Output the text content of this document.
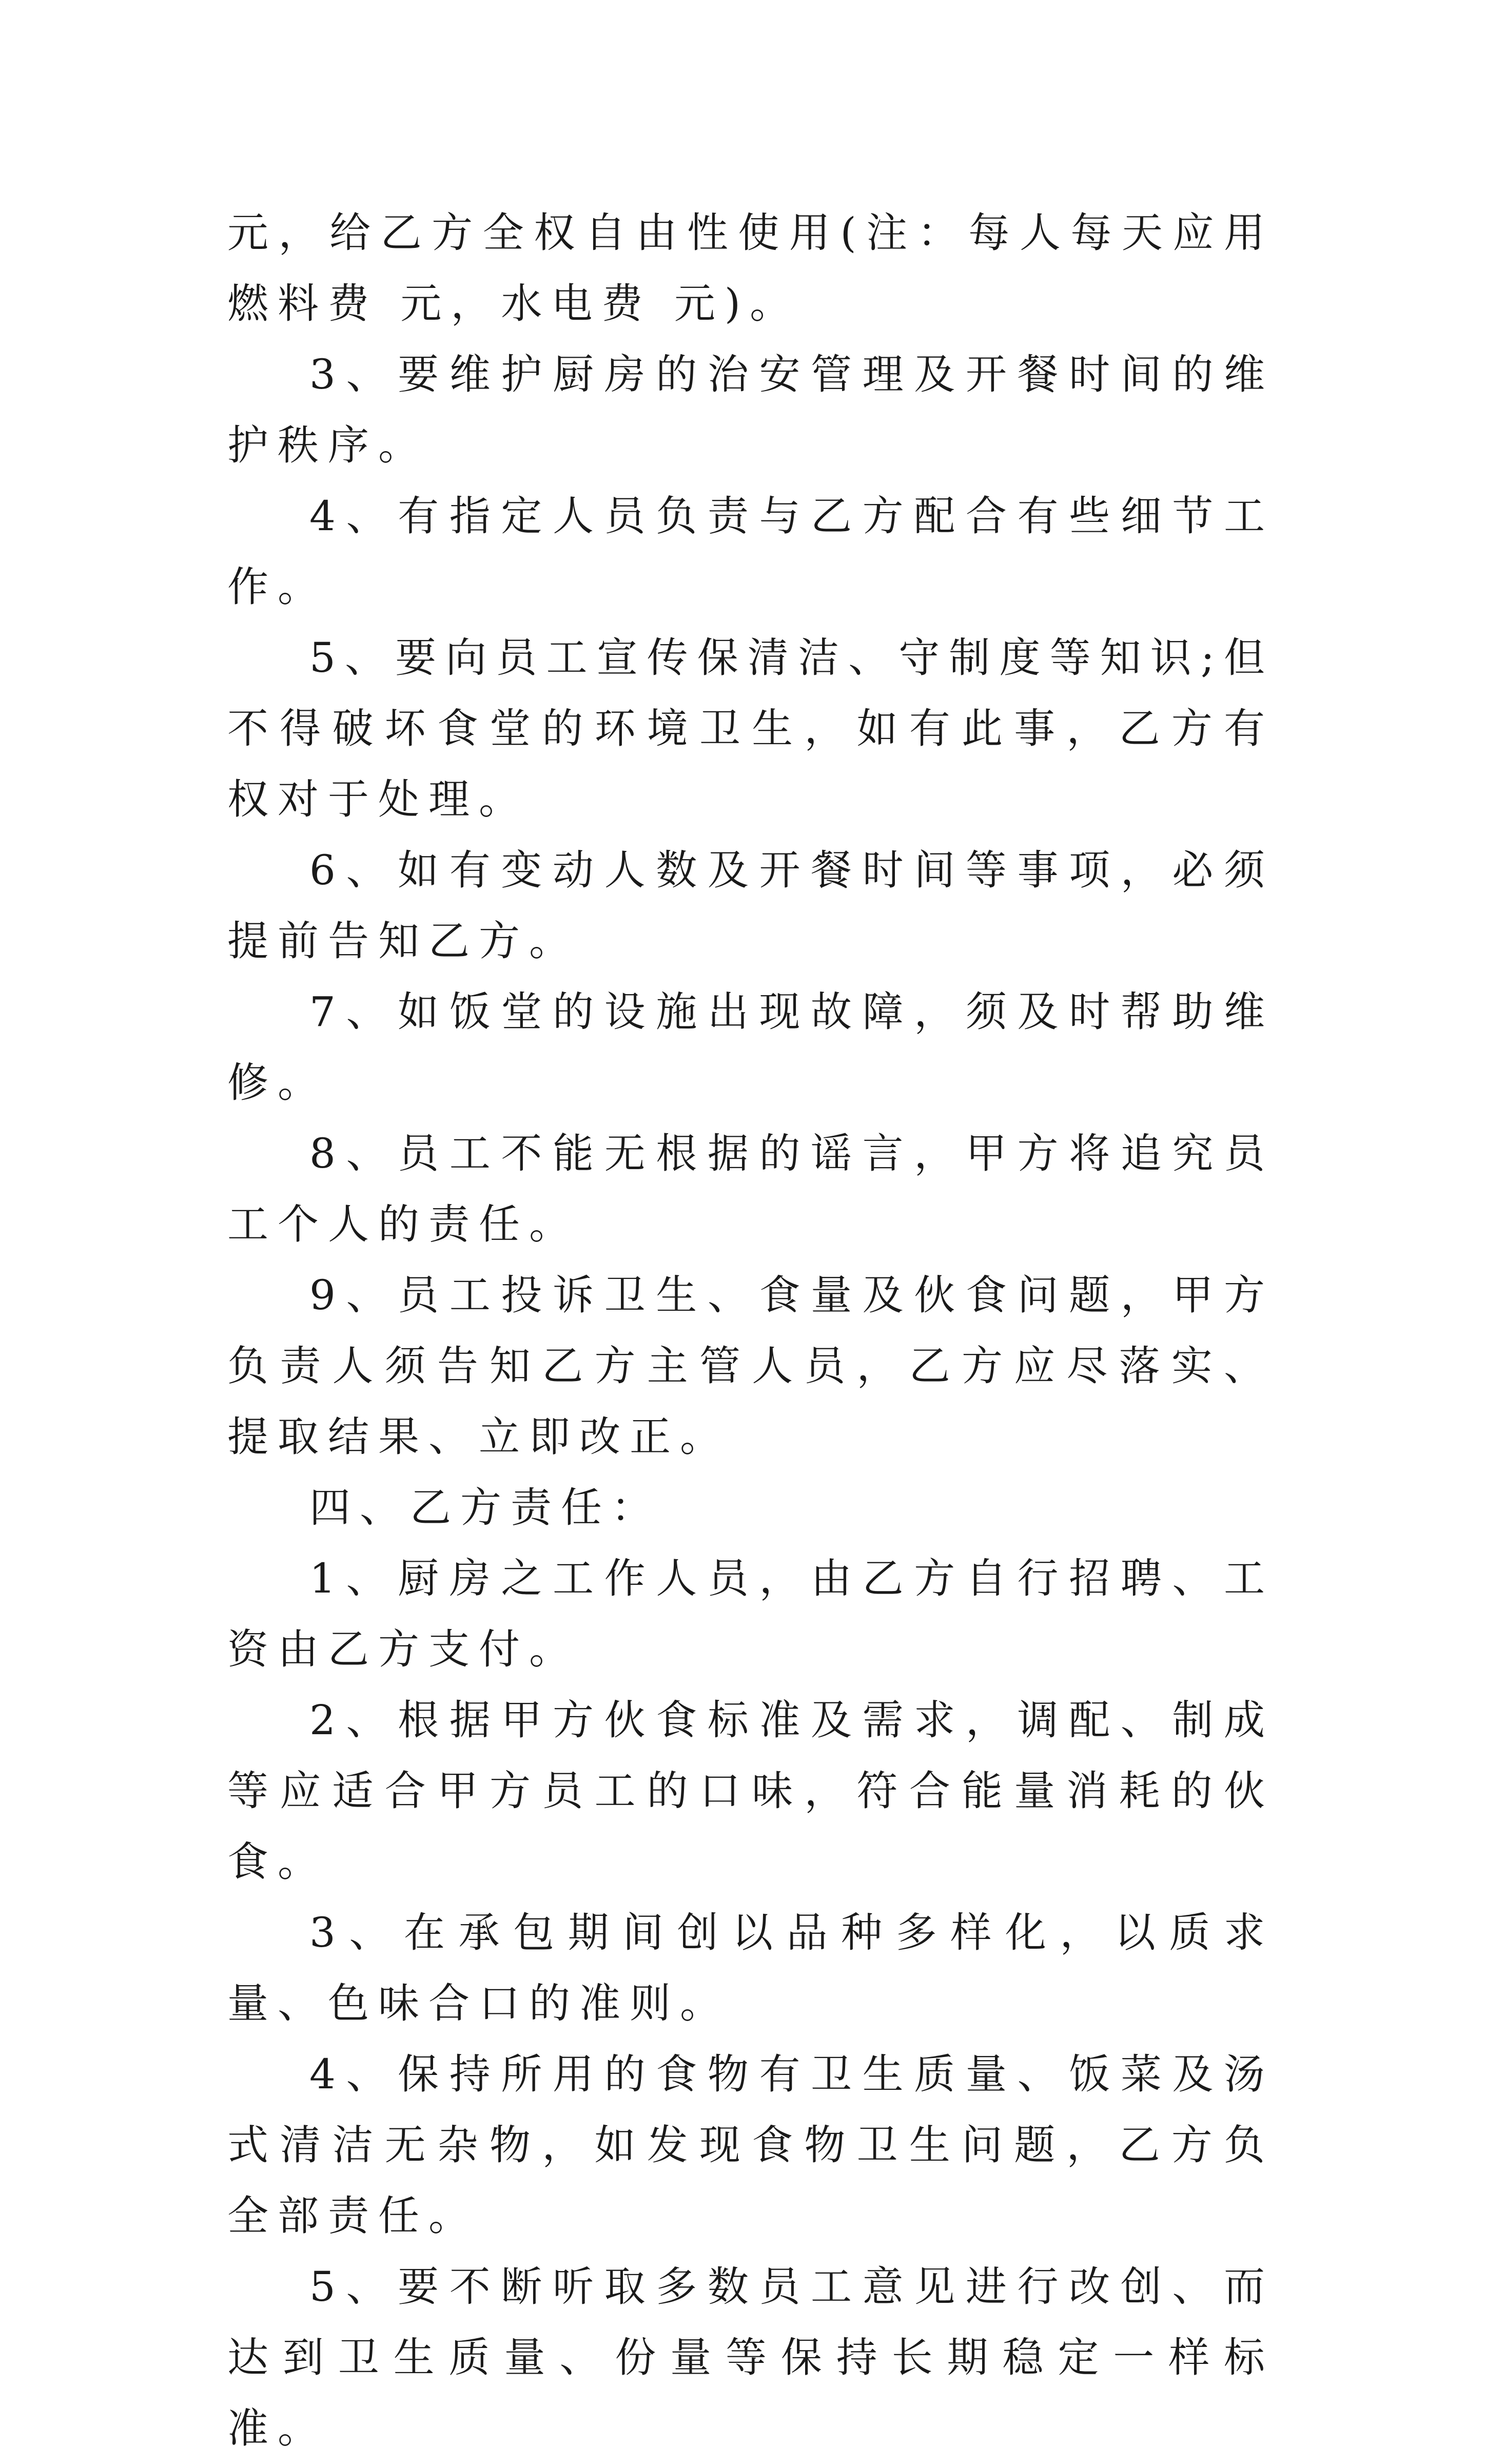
元，给乙方全权自由性使用(注：每人每天应用燃料费 元，水电费 元)。

3、要维护厨房的治安管理及开餐时间的维护秩序。

4、有指定人员负责与乙方配合有些细节工作。

5、要向员工宣传保清洁、守制度等知识;但不得破坏食堂的环境卫生，如有此事，乙方有权对于处理。

6、如有变动人数及开餐时间等事项，必须提前告知乙方。

7、如饭堂的设施出现故障，须及时帮助维修。

8、员工不能无根据的谣言，甲方将追究员工个人的责任。

9、员工投诉卫生、食量及伙食问题，甲方负责人须告知乙方主管人员，乙方应尽落实、提取结果、立即改正。

四、乙方责任：

1、厨房之工作人员，由乙方自行招聘、工资由乙方支付。

2、根据甲方伙食标准及需求，调配、制成等应适合甲方员工的口味，符合能量消耗的伙食。

3、在承包期间创以品种多样化，以质求量、色味合口的准则。

4、保持所用的食物有卫生质量、饭菜及汤式清洁无杂物，如发现食物卫生问题，乙方负全部责任。

5、要不断听取多数员工意见进行改创、而达到卫生质量、份量等保持长期稳定一样标准。
